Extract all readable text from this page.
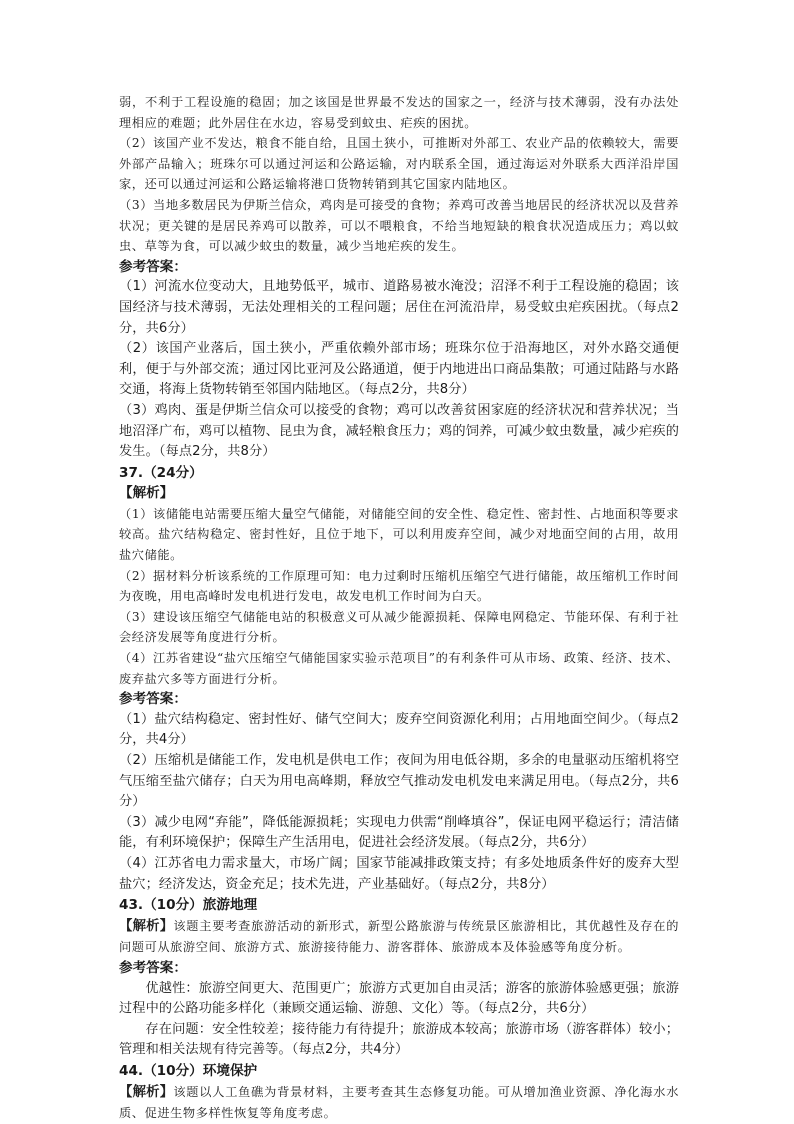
弱，不利于工程设施的稳固；加之该国是世界最不发达的国家之一，经济与技术薄弱，没有办法处理相应的难题；此外居住在水边，容易受到蚊虫、疟疾的困扰。

（2）该国产业不发达，粮食不能自给，且国土狭小，可推断对外部工、农业产品的依赖较大，需要外部产品输入；班珠尔可以通过河运和公路运输，对内联系全国，通过海运对外联系大西洋沿岸国家，还可以通过河运和公路运输将港口货物转销到其它国家内陆地区。

（3）当地多数居民为伊斯兰信众，鸡肉是可接受的食物；养鸡可改善当地居民的经济状况以及营养状况；更关键的是居民养鸡可以散养，可以不喂粮食，不给当地短缺的粮食状况造成压力；鸡以蚊虫、草等为食，可以减少蚊虫的数量，减少当地疟疾的发生。

参考答案：

（1）河流水位变动大，且地势低平，城市、道路易被水淹没；沼泽不利于工程设施的稳固；该国经济与技术薄弱，无法处理相关的工程问题；居住在河流沿岸，易受蚊虫疟疾困扰。（每点2分，共6分）

（2）该国产业落后，国土狭小，严重依赖外部市场；班珠尔位于沿海地区，对外水路交通便利，便于与外部交流；通过冈比亚河及公路通道，便于内地进出口商品集散；可通过陆路与水路交通，将海上货物转销至邻国内陆地区。（每点2分，共8分）

（3）鸡肉、蛋是伊斯兰信众可以接受的食物；鸡可以改善贫困家庭的经济状况和营养状况；当地沼泽广布，鸡可以植物、昆虫为食，减轻粮食压力；鸡的饲养，可减少蚊虫数量，减少疟疾的发生。（每点2分，共8分）

37.（24分）

【解析】

（1）该储能电站需要压缩大量空气储能，对储能空间的安全性、稳定性、密封性、占地面积等要求较高。盐穴结构稳定、密封性好，且位于地下，可以利用废弃空间，减少对地面空间的占用，故用盐穴储能。

（2）据材料分析该系统的工作原理可知：电力过剩时压缩机压缩空气进行储能，故压缩机工作时间为夜晚，用电高峰时发电机进行发电，故发电机工作时间为白天。

（3）建设该压缩空气储能电站的积极意义可从减少能源损耗、保障电网稳定、节能环保、有利于社会经济发展等角度进行分析。

（4）江苏省建设“盐穴压缩空气储能国家实验示范项目”的有利条件可从市场、政策、经济、技术、废弃盐穴多等方面进行分析。

参考答案：

（1）盐穴结构稳定、密封性好、储气空间大；废弃空间资源化利用；占用地面空间少。（每点2分，共4分）

（2）压缩机是储能工作，发电机是供电工作；夜间为用电低谷期，多余的电量驱动压缩机将空气压缩至盐穴储存；白天为用电高峰期，释放空气推动发电机发电来满足用电。（每点2分，共6分）

（3）减少电网“弃能”，降低能源损耗；实现电力供需“削峰填谷”，保证电网平稳运行；清洁储能，有利环境保护；保障生产生活用电，促进社会经济发展。（每点2分，共6分）

（4）江苏省电力需求量大，市场广阔；国家节能减排政策支持；有多处地质条件好的废弃大型盐穴；经济发达，资金充足；技术先进，产业基础好。（每点2分，共8分）

43.（10分）旅游地理

【解析】该题主要考查旅游活动的新形式，新型公路旅游与传统景区旅游相比，其优越性及存在的问题可从旅游空间、旅游方式、旅游接待能力、游客群体、旅游成本及体验感等角度分析。

参考答案：

优越性：旅游空间更大、范围更广；旅游方式更加自由灵活；游客的旅游体验感更强；旅游过程中的公路功能多样化（兼顾交通运输、游憩、文化）等。（每点2分，共6分）

存在问题：安全性较差；接待能力有待提升；旅游成本较高；旅游市场（游客群体）较小；管理和相关法规有待完善等。（每点2分，共4分）

44.（10分）环境保护

【解析】该题以人工鱼礁为背景材料，主要考查其生态修复功能。可从增加渔业资源、净化海水水质、促进生物多样性恢复等角度考虑。
